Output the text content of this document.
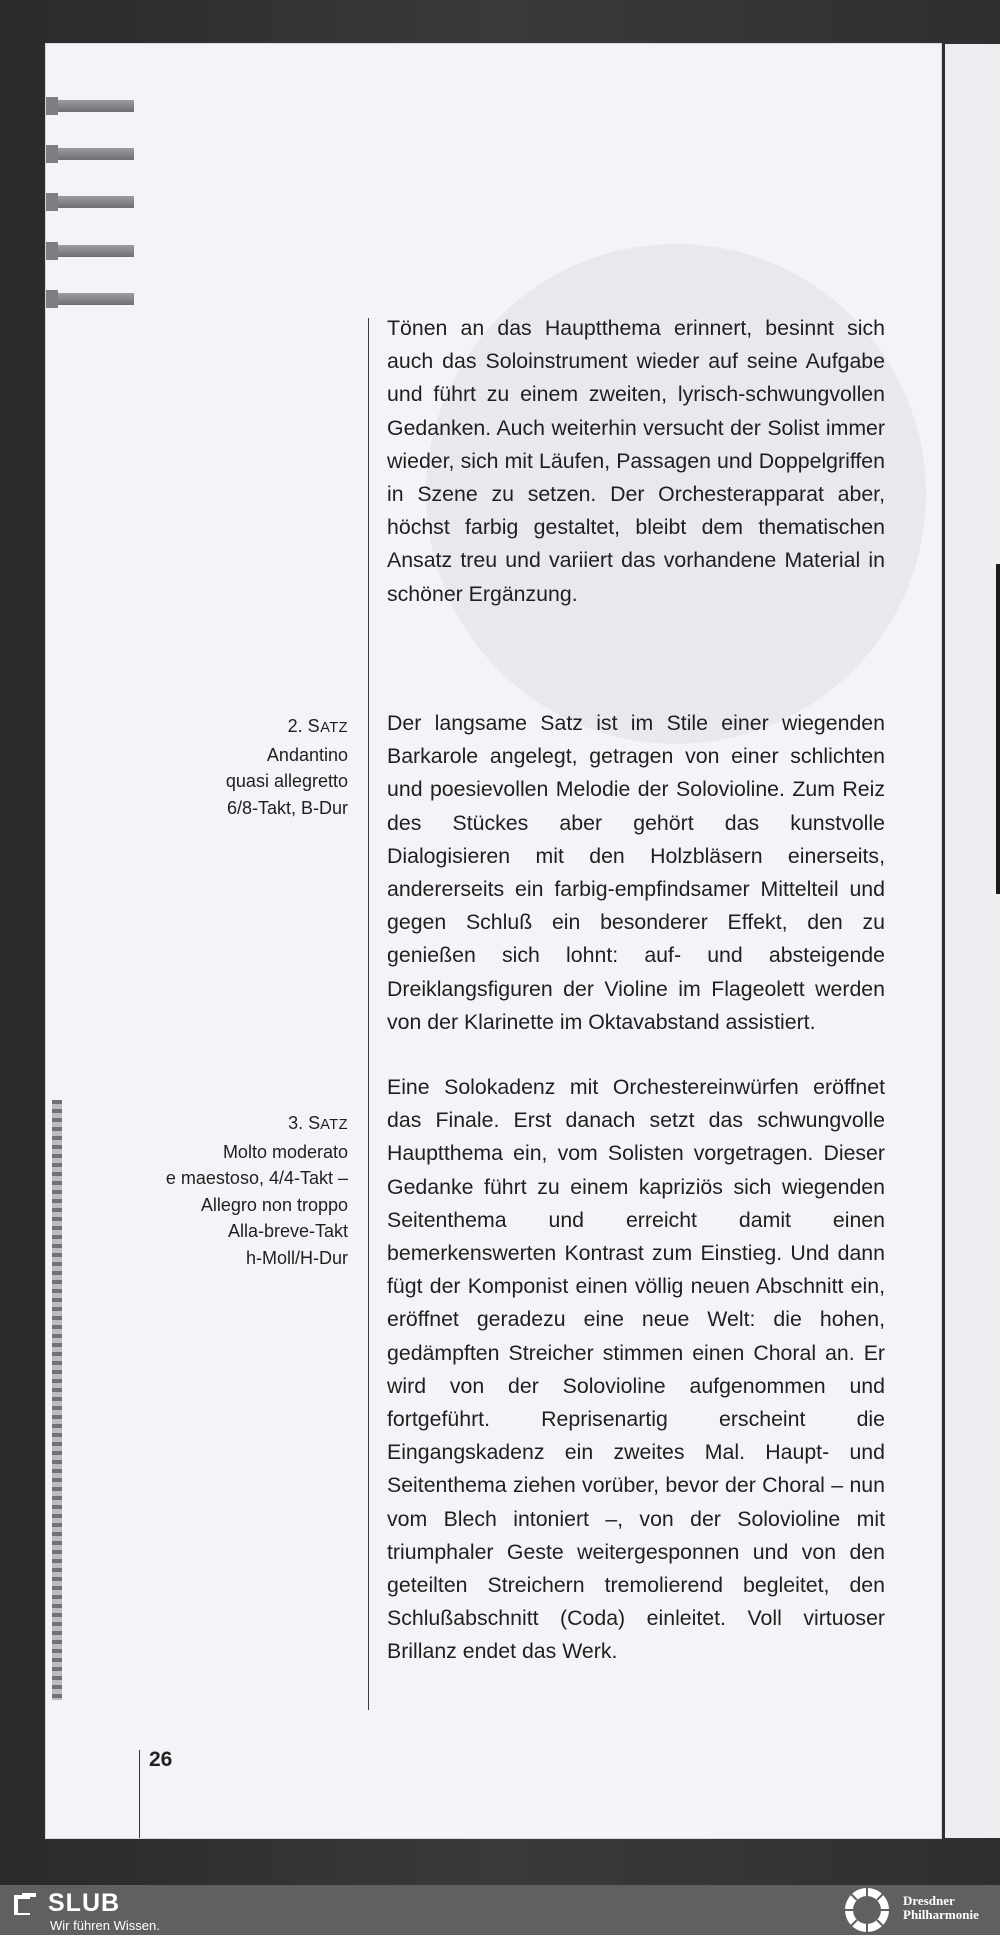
2. SATZ
Andantino
quasi allegretto
6/8-Takt, B-Dur
3. SATZ
Molto moderato
e maestoso, 4/4-Takt –
Allegro non troppo
Alla-breve-Takt
h-Moll/H-Dur

Tönen an das Hauptthema erinnert, besinnt sich auch das Soloinstrument wieder auf seine Aufgabe und führt zu einem zweiten, lyrisch-schwungvollen Gedanken. Auch weiterhin versucht der Solist immer wieder, sich mit Läufen, Passagen und Doppelgriffen in Szene zu setzen. Der Orchesterapparat aber, höchst farbig gestaltet, bleibt dem thematischen Ansatz treu und variiert das vorhandene Material in schöner Ergänzung.

Der langsame Satz ist im Stile einer wiegenden Barkarole angelegt, getragen von einer schlichten und poesievollen Melodie der Solovioline. Zum Reiz des Stückes aber gehört das kunstvolle Dialogisieren mit den Holzbläsern einerseits, andererseits ein farbig-empfindsamer Mittelteil und gegen Schluß ein besonderer Effekt, den zu genießen sich lohnt: auf- und absteigende Dreiklangsfiguren der Violine im Flageolett werden von der Klarinette im Oktavabstand assistiert.

Eine Solokadenz mit Orchestereinwürfen eröffnet das Finale. Erst danach setzt das schwungvolle Hauptthema ein, vom Solisten vorgetragen. Dieser Gedanke führt zu einem kapriziös sich wiegenden Seitenthema und erreicht damit einen bemerkenswerten Kontrast zum Einstieg. Und dann fügt der Komponist einen völlig neuen Abschnitt ein, eröffnet geradezu eine neue Welt: die hohen, gedämpften Streicher stimmen einen Choral an. Er wird von der Solovioline aufgenommen und fortgeführt. Reprisenartig erscheint die Eingangskadenz ein zweites Mal. Haupt- und Seitenthema ziehen vorüber, bevor der Choral – nun vom Blech intoniert –, von der Solovioline mit triumphaler Geste weitergesponnen und von den geteilten Streichern tremolierend begleitet, den Schlußabschnitt (Coda) einleitet. Voll virtuoser Brillanz endet das Werk.

26
SLUB
Wir führen Wissen.
Dresdner
Philharmonie
